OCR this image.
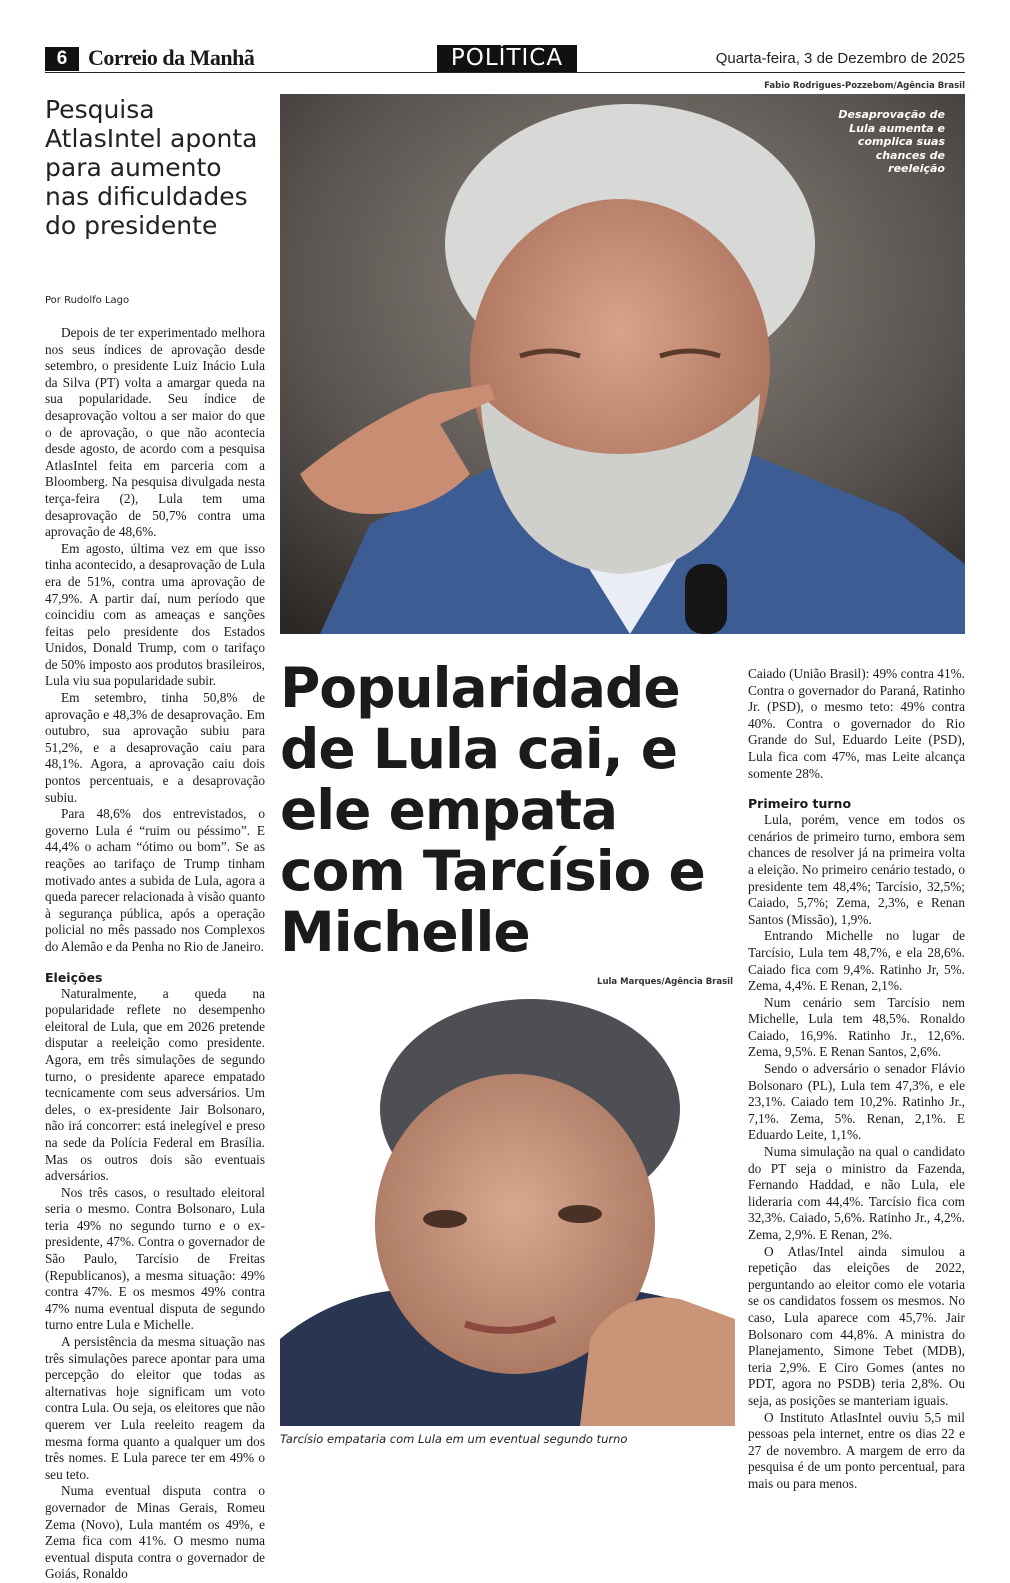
6 Correio da Manhã	POLÍTICA	Quarta-feira, 3 de Dezembro de 2025
Pesquisa AtlasIntel aponta para aumento nas dificuldades do presidente
Por Rudolfo Lago

Depois de ter experimentado melhora nos seus índices de aprovação desde setembro, o presidente Luiz Inácio Lula da Silva (PT) volta a amargar queda na sua popularidade. Seu índice de desaprovação voltou a ser maior do que o de aprovação, o que não acontecia desde agosto, de acordo com a pesquisa AtlasIntel feita em parceria com a Bloomberg. Na pesquisa divulgada nesta terça-feira (2), Lula tem uma desaprovação de 50,7% contra uma aprovação de 48,6%.

Em agosto, última vez em que isso tinha acontecido, a desaprovação de Lula era de 51%, contra uma aprovação de 47,9%. A partir daí, num período que coincidiu com as ameaças e sanções feitas pelo presidente dos Estados Unidos, Donald Trump, com o tarifaço de 50% imposto aos produtos brasileiros, Lula viu sua popularidade subir.

Em setembro, tinha 50,8% de aprovação e 48,3% de desaprovação. Em outubro, sua aprovação subiu para 51,2%, e a desaprovação caiu para 48,1%. Agora, a aprovação caiu dois pontos percentuais, e a desaprovação subiu.

Para 48,6% dos entrevistados, o governo Lula é “ruim ou péssimo”. E 44,4% o acham “ótimo ou bom”. Se as reações ao tarifaço de Trump tinham motivado antes a subida de Lula, agora a queda parecer relacionada à visão quanto à segurança pública, após a operação policial no mês passado nos Complexos do Alemão e da Penha no Rio de Janeiro.

Eleições

Naturalmente, a queda na popularidade reflete no desempenho eleitoral de Lula, que em 2026 pretende disputar a reeleição como presidente. Agora, em três simulações de segundo turno, o presidente aparece empatado tecnicamente com seus adversários. Um deles, o ex-presidente Jair Bolsonaro, não irá concorrer: está inelegível e preso na sede da Polícia Federal em Brasília. Mas os outros dois são eventuais adversários.

Nos três casos, o resultado eleitoral seria o mesmo. Contra Bolsonaro, Lula teria 49% no segundo turno e o ex-presidente, 47%. Contra o governador de São Paulo, Tarcísio de Freitas (Republicanos), a mesma situação: 49% contra 47%. E os mesmos 49% contra 47% numa eventual disputa de segundo turno entre Lula e Michelle.

A persistência da mesma situação nas três simulações parece apontar para uma percepção do eleitor que todas as alternativas hoje significam um voto contra Lula. Ou seja, os eleitores que não querem ver Lula reeleito reagem da mesma forma quanto a qualquer um dos três nomes. E Lula parece ter em 49% o seu teto.

Numa eventual disputa contra o governador de Minas Gerais, Romeu Zema (Novo), Lula mantém os 49%, e Zema fica com 41%. O mesmo numa eventual disputa contra o governador de Goiás, Ronaldo

Fabio Rodrigues-Pozzebom/Agência Brasil
Desaprovação de Lula aumenta e complica suas chances de reeleição
Popularidade de Lula cai, e ele empata com Tarcísio e Michelle
Lula Marques/Agência Brasil
Tarcísio empataria com Lula em um eventual segundo turno

Caiado (União Brasil): 49% contra 41%. Contra o governador do Paraná, Ratinho Jr. (PSD), o mesmo teto: 49% contra 40%. Contra o governador do Rio Grande do Sul, Eduardo Leite (PSD), Lula fica com 47%, mas Leite alcança somente 28%.

Primeiro turno

Lula, porém, vence em todos os cenários de primeiro turno, embora sem chances de resolver já na primeira volta a eleição. No primeiro cenário testado, o presidente tem 48,4%; Tarcísio, 32,5%; Caiado, 5,7%; Zema, 2,3%, e Renan Santos (Missão), 1,9%.

Entrando Michelle no lugar de Tarcísio, Lula tem 48,7%, e ela 28,6%. Caiado fica com 9,4%. Ratinho Jr, 5%. Zema, 4,4%. E Renan, 2,1%.

Num cenário sem Tarcísio nem Michelle, Lula tem 48,5%. Ronaldo Caiado, 16,9%. Ratinho Jr., 12,6%. Zema, 9,5%. E Renan Santos, 2,6%.

Sendo o adversário o senador Flávio Bolsonaro (PL), Lula tem 47,3%, e ele 23,1%. Caiado tem 10,2%. Ratinho Jr., 7,1%. Zema, 5%. Renan, 2,1%. E Eduardo Leite, 1,1%.

Numa simulação na qual o candidato do PT seja o ministro da Fazenda, Fernando Haddad, e não Lula, ele lideraria com 44,4%. Tarcísio fica com 32,3%. Caiado, 5,6%. Ratinho Jr., 4,2%. Zema, 2,9%. E Renan, 2%.

O Atlas/Intel ainda simulou a repetição das eleições de 2022, perguntando ao eleitor como ele votaria se os candidatos fossem os mesmos. No caso, Lula aparece com 45,7%. Jair Bolsonaro com 44,8%. A ministra do Planejamento, Simone Tebet (MDB), teria 2,9%. E Ciro Gomes (antes no PDT, agora no PSDB) teria 2,8%. Ou seja, as posições se manteriam iguais.

O Instituto AtlasIntel ouviu 5,5 mil pessoas pela internet, entre os dias 22 e 27 de novembro. A margem de erro da pesquisa é de um ponto percentual, para mais ou para menos.
